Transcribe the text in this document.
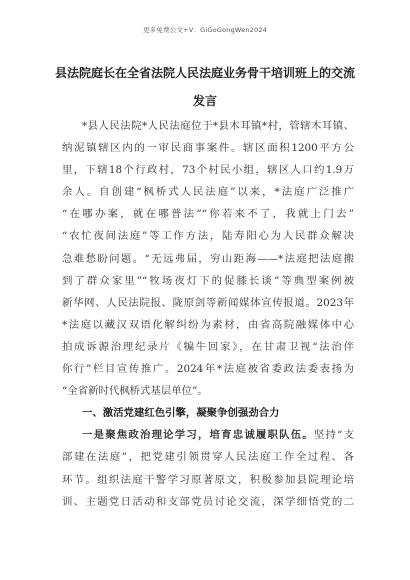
更多免费公文+V：GiGoGongWen2024
县法院庭长在全省法院人民法庭业务骨干培训班上的交流
发言
*县人民法院*人民法庭位于*县木耳镇*村，管辖木耳镇、
纳泥镇辖区内的一审民商事案件。辖区面积1200平方公
里，下辖18个行政村，73个村民小组，辖区人口约1.9万
余人。自创建“枫桥式人民法庭”以来，*法庭广泛推广
“在哪办案，就在哪普法”“你若来不了，我就上门去”
“农忙夜间法庭”等工作方法，陆寿阳心为人民群众解决
急难愁盼问题。“无远弗届，穷山距海——*法庭把法庭搬
到了群众家里”“牧场夜灯下的促膝长谈”等典型案例被
新华网、人民法院报、陇原剑等新闻媒体宣传报道。2023年
*法庭以藏汉双语化解纠纷为素材，由省高院融媒体中心
拍成诉源治理纪录片《犏牛回家》，在甘肃卫视“法治伴
你行”栏目宣传推广。2024年*法庭被省委政法委表扬为
“全省新时代枫桥式基层单位”。
一、激活党建红色引擎，凝聚争创强劲合力
一是聚焦政治理论学习，培育忠诚履职队伍。坚持“支
部建在法庭”，把党建引领贯穿人民法庭工作全过程、各
环节。组织法庭干警学习原著原文，积极参加县院理论培
训、主题党日活动和支部党员讨论交流，深学细悟党的二
